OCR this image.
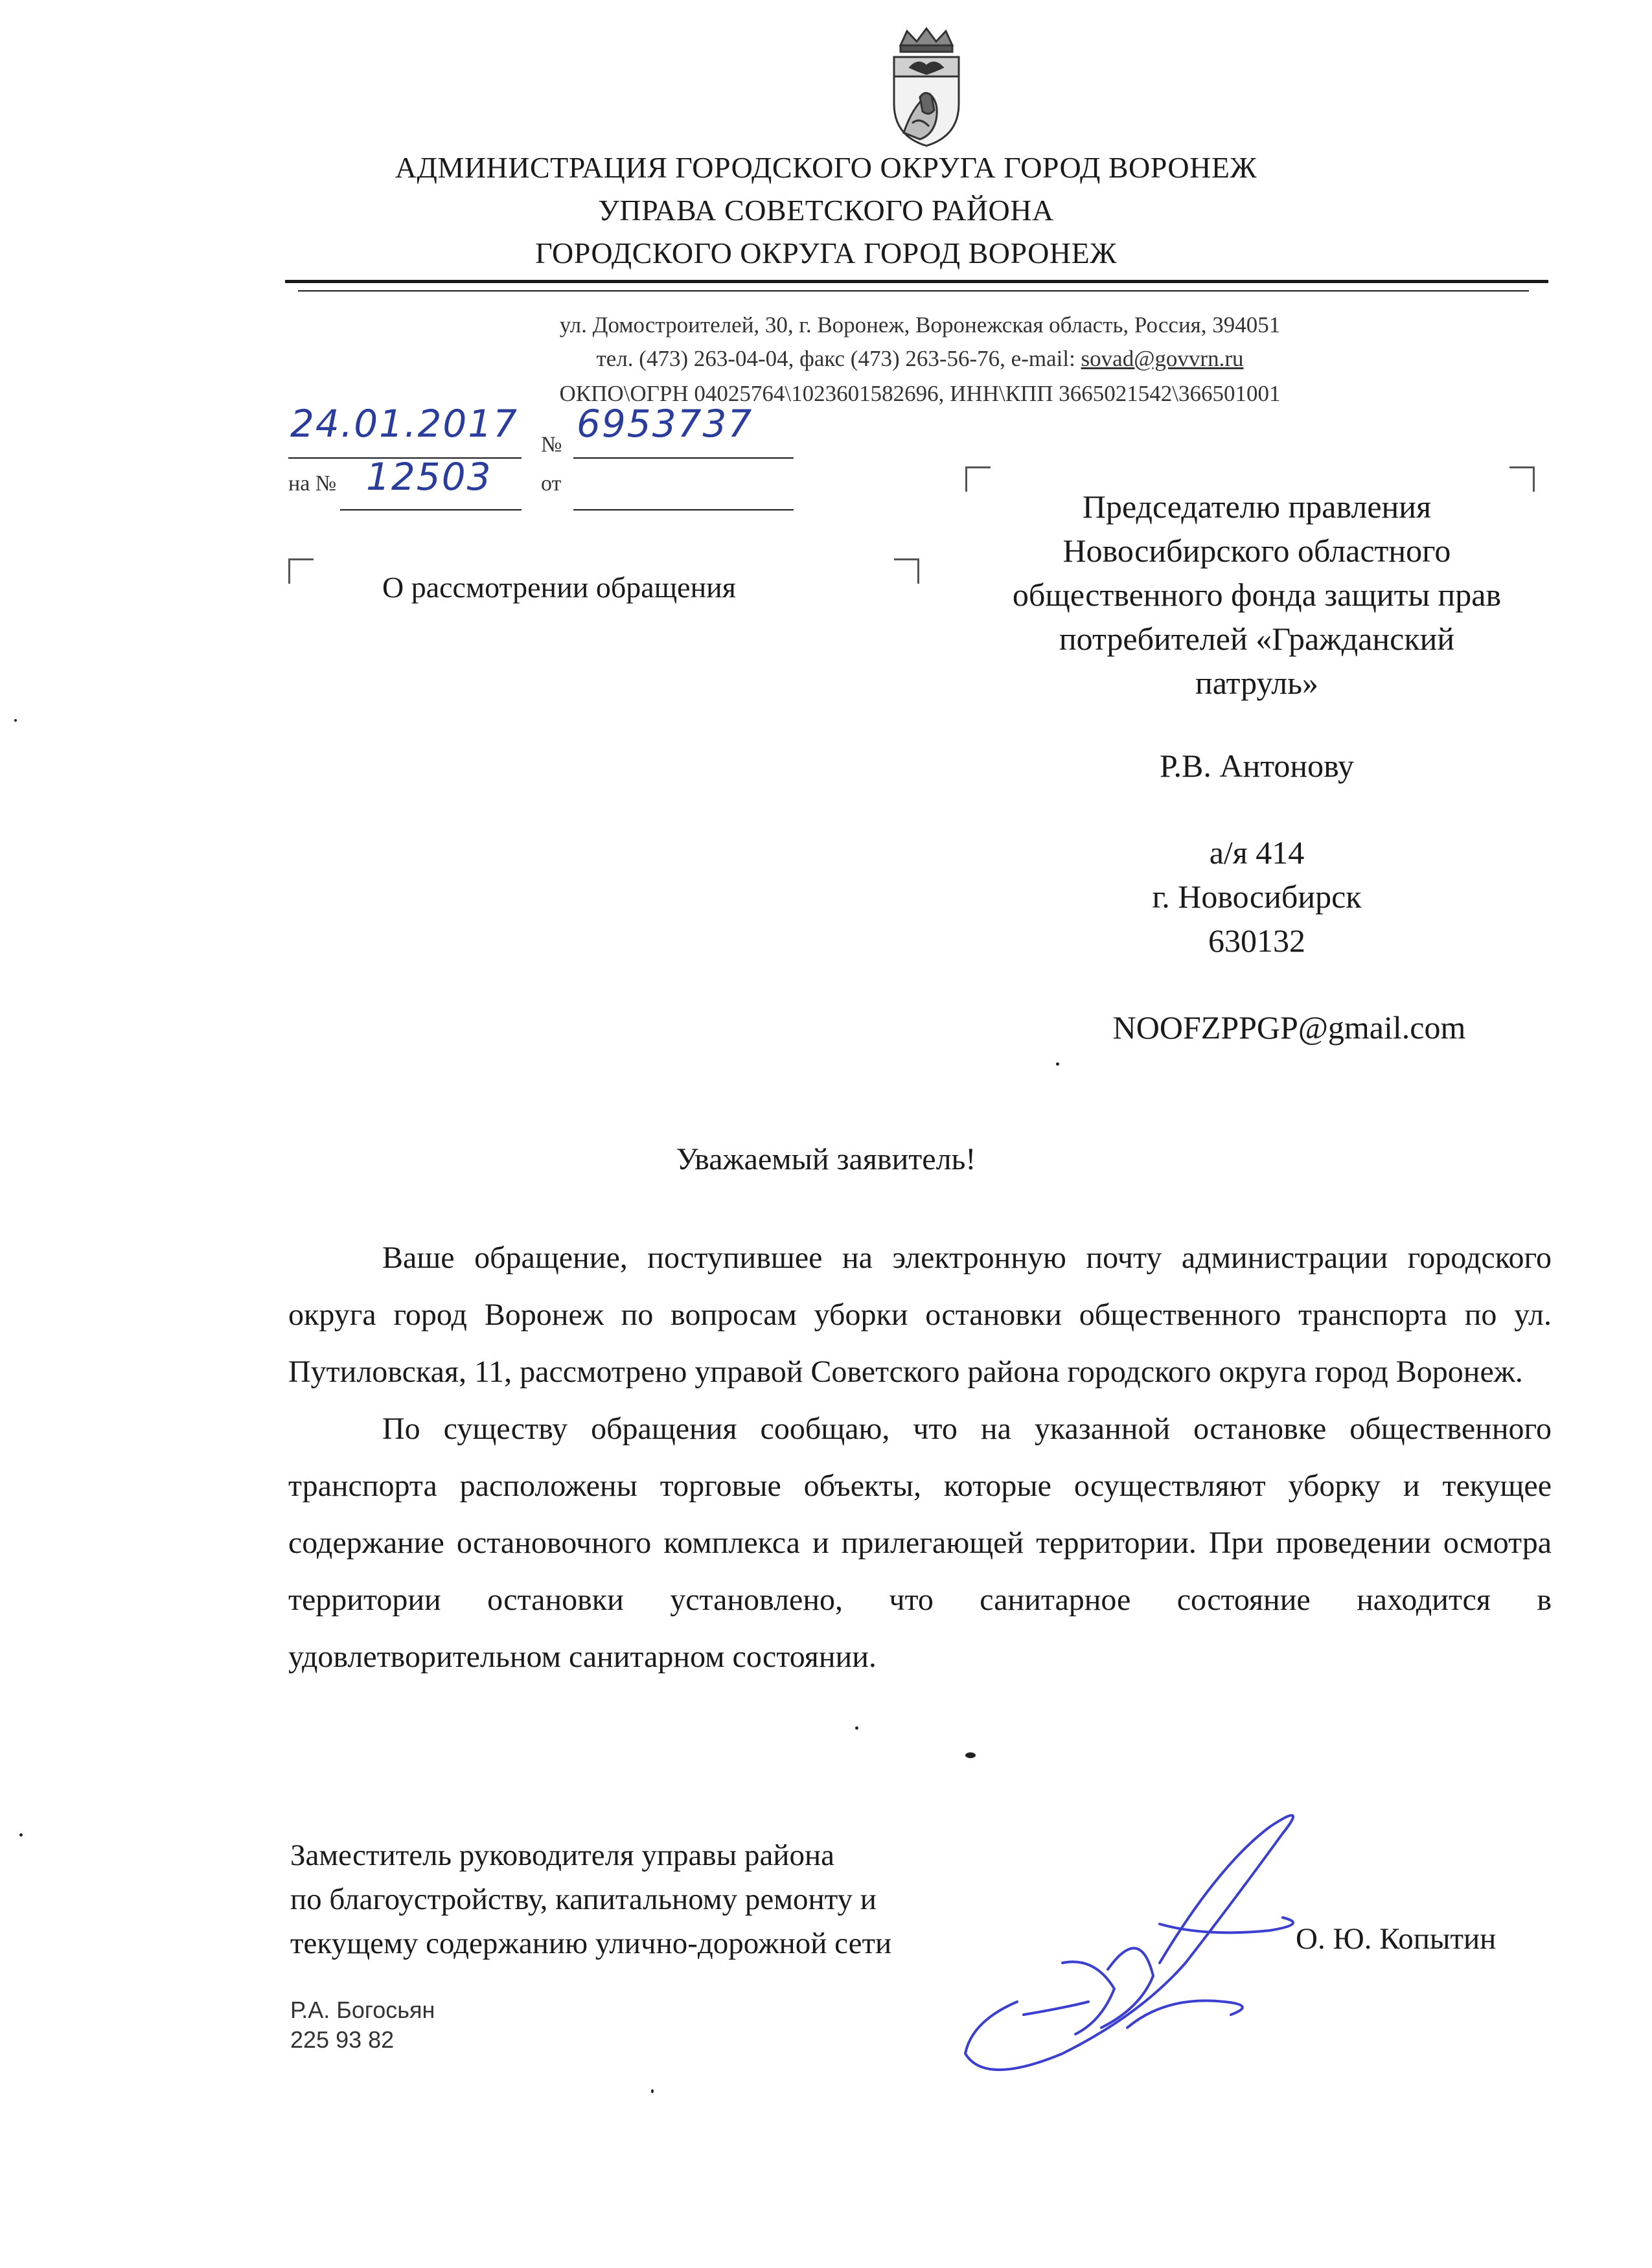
АДМИНИСТРАЦИЯ ГОРОДСКОГО ОКРУГА ГОРОД ВОРОНЕЖ
УПРАВА СОВЕТСКОГО РАЙОНА
ГОРОДСКОГО ОКРУГА ГОРОД ВОРОНЕЖ
ул. Домостроителей, 30, г. Воронеж, Воронежская область, Россия, 394051
тел. (473) 263-04-04, факс (473) 263-56-76, e-mail: sovad@govvrn.ru
ОКПО\ОГРН 04025764\1023601582696, ИНН\КПП 3665021542\366501001
24.01.2017 № 6953737
на № 12503 от
О рассмотрении обращения
Председателю правления
Новосибирского областного
общественного фонда защиты прав
потребителей «Гражданский
патруль»
Р.В. Антонову
а/я 414
г. Новосибирск
630132
NOOFZPPGP@gmail.com
Уважаемый заявитель!

Ваше обращение, поступившее на электронную почту администрации городского округа город Воронеж по вопросам уборки остановки общественного транспорта по ул. Путиловская, 11, рассмотрено управой Советского района городского округа город Воронеж.

По существу обращения сообщаю, что на указанной остановке общественного транспорта расположены торговые объекты, которые осуществляют уборку и текущее содержание остановочного комплекса и прилегающей территории. При проведении осмотра территории остановки установлено, что санитарное состояние находится в удовлетворительном санитарном состоянии.

Заместитель руководителя управы района
по благоустройству, капитальному ремонту и
текущему содержанию улично-дорожной сети	О. Ю. Копытин
Р.А. Богосьян
225 93 82
